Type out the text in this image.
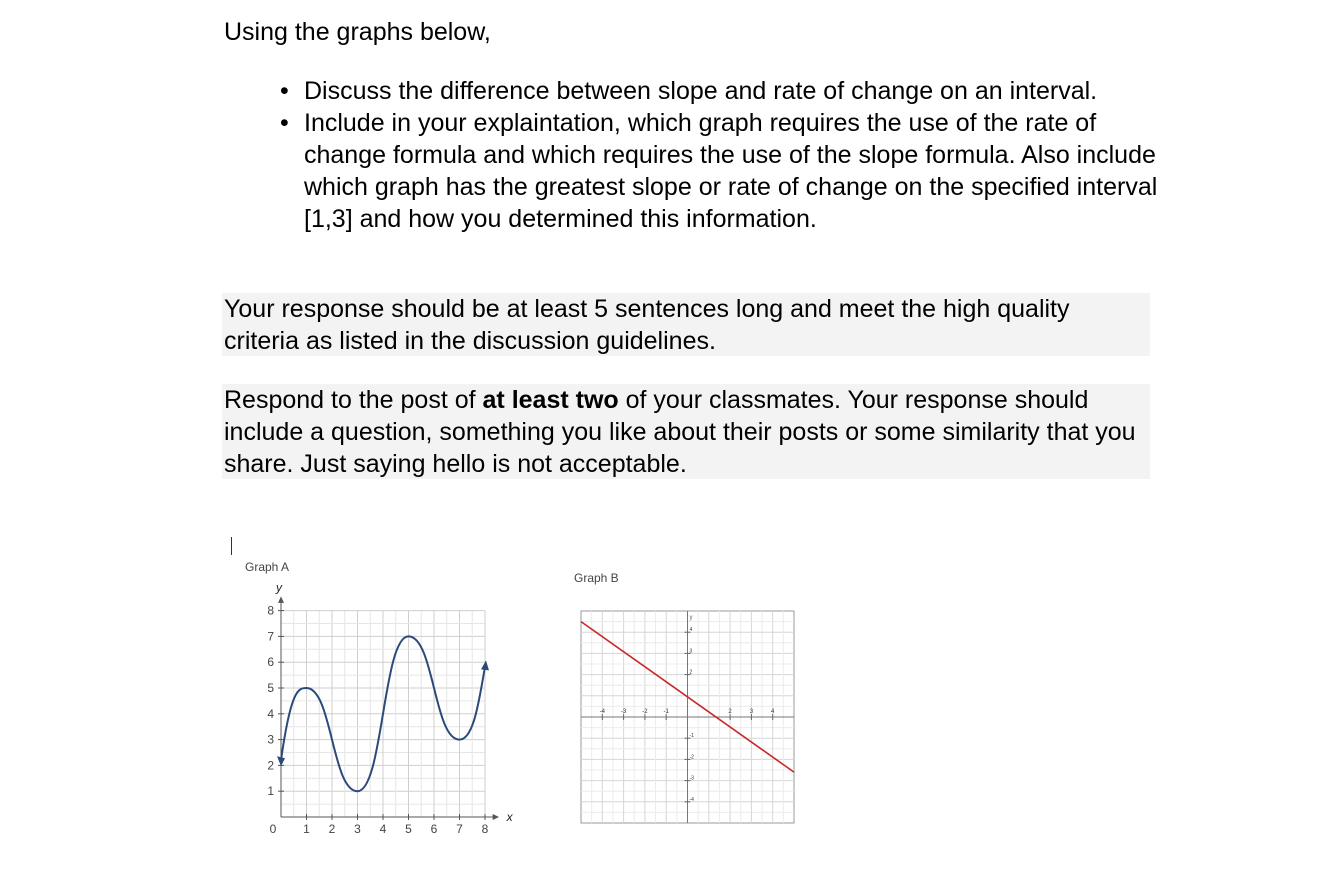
Using the graphs below,
• Discuss the difference between slope and rate of change on an interval.
• Include in your explaintation, which graph requires the use of the rate of change formula and which requires the use of the slope formula. Also include which graph has the greatest slope or rate of change on the specified interval [1,3] and how you determined this information.
Your response should be at least 5 sentences long and meet the high quality criteria as listed in the discussion guidelines.
Respond to the post of at least two of your classmates. Your response should include a question, something you like about their posts or some similarity that you share. Just saying hello is not acceptable.
Graph A
Graph B
1 2 3 4 5 6 7 8
1
2
3
4
5
6
7
8
0
x
y
-4	-3	-2	-1	2	3	4
4
3
2
-1
-2
-3
-4
y
